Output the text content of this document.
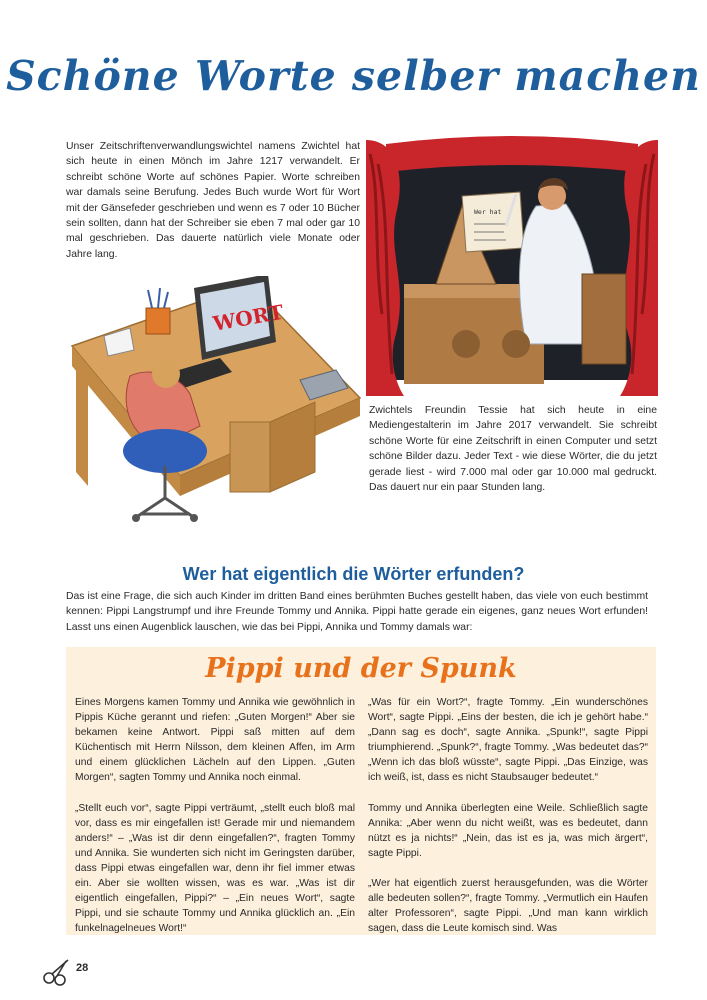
Schöne Worte selber machen

Unser Zeitschriftenverwandlungswichtel namens Zwichtel hat sich heute in einen Mönch im Jahre 1217 verwandelt. Er schreibt schöne Worte auf schönes Papier. Worte schreiben war damals seine Berufung. Jedes Buch wurde Wort für Wort mit der Gänsefeder geschrieben und wenn es 7 oder 10 Bücher sein sollten, dann hat der Schreiber sie eben 7 mal oder gar 10 mal geschrieben. Das dauerte natürlich viele Monate oder Jahre lang.

Wer hat
WORT

Zwichtels Freundin Tessie hat sich heute in eine Mediengestalterin im Jahre 2017 verwandelt. Sie schreibt schöne Worte für eine Zeitschrift in einen Computer und setzt schöne Bilder dazu. Jeder Text - wie diese Wörter, die du jetzt gerade liest - wird 7.000 mal oder gar 10.000 mal gedruckt. Das dauert nur ein paar Stunden lang.

Wer hat eigentlich die Wörter erfunden?

Das ist eine Frage, die sich auch Kinder im dritten Band eines berühmten Buches gestellt haben, das viele von euch bestimmt kennen: Pippi Langstrumpf und ihre Freunde Tommy und Annika. Pippi hatte gerade ein eigenes, ganz neues Wort erfunden! Lasst uns einen Augenblick lauschen, wie das bei Pippi, Annika und Tommy damals war:

Pippi und der Spunk

Eines Morgens kamen Tommy und Annika wie gewöhnlich in Pippis Küche gerannt und riefen: „Guten Morgen!“ Aber sie bekamen keine Antwort. Pippi saß mitten auf dem Küchentisch mit Herrn Nilsson, dem kleinen Affen, im Arm und einem glücklichen Lächeln auf den Lippen. „Guten Morgen“, sagten Tommy und Annika noch einmal.

„Stellt euch vor“, sagte Pippi verträumt, „stellt euch bloß mal vor, dass es mir eingefallen ist! Gerade mir und niemandem anders!“ – „Was ist dir denn eingefallen?“, fragten Tommy und Annika. Sie wunderten sich nicht im Geringsten darüber, dass Pippi etwas eingefallen war, denn ihr fiel immer etwas ein. Aber sie wollten wissen, was es war. „Was ist dir eigentlich eingefallen, Pippi?“ – „Ein neues Wort“, sagte Pippi, und sie schaute Tommy und Annika glücklich an. „Ein funkelnagelneues Wort!“

„Was für ein Wort?“, fragte Tommy. „Ein wunderschönes Wort“, sagte Pippi. „Eins der besten, die ich je gehört habe.“ „Dann sag es doch“, sagte Annika. „Spunk!“, sagte Pippi triumphierend. „Spunk?“, fragte Tommy. „Was bedeutet das?“ „Wenn ich das bloß wüsste“, sagte Pippi. „Das Einzige, was ich weiß, ist, dass es nicht Staubsauger bedeutet.“

Tommy und Annika überlegten eine Weile. Schließlich sagte Annika: „Aber wenn du nicht weißt, was es bedeutet, dann nützt es ja nichts!“ „Nein, das ist es ja, was mich ärgert“, sagte Pippi.

„Wer hat eigentlich zuerst herausgefunden, was die Wörter alle bedeuten sollen?“, fragte Tommy. „Vermutlich ein Haufen alter Professoren“, sagte Pippi. „Und man kann wirklich sagen, dass die Leute komisch sind. Was

28
